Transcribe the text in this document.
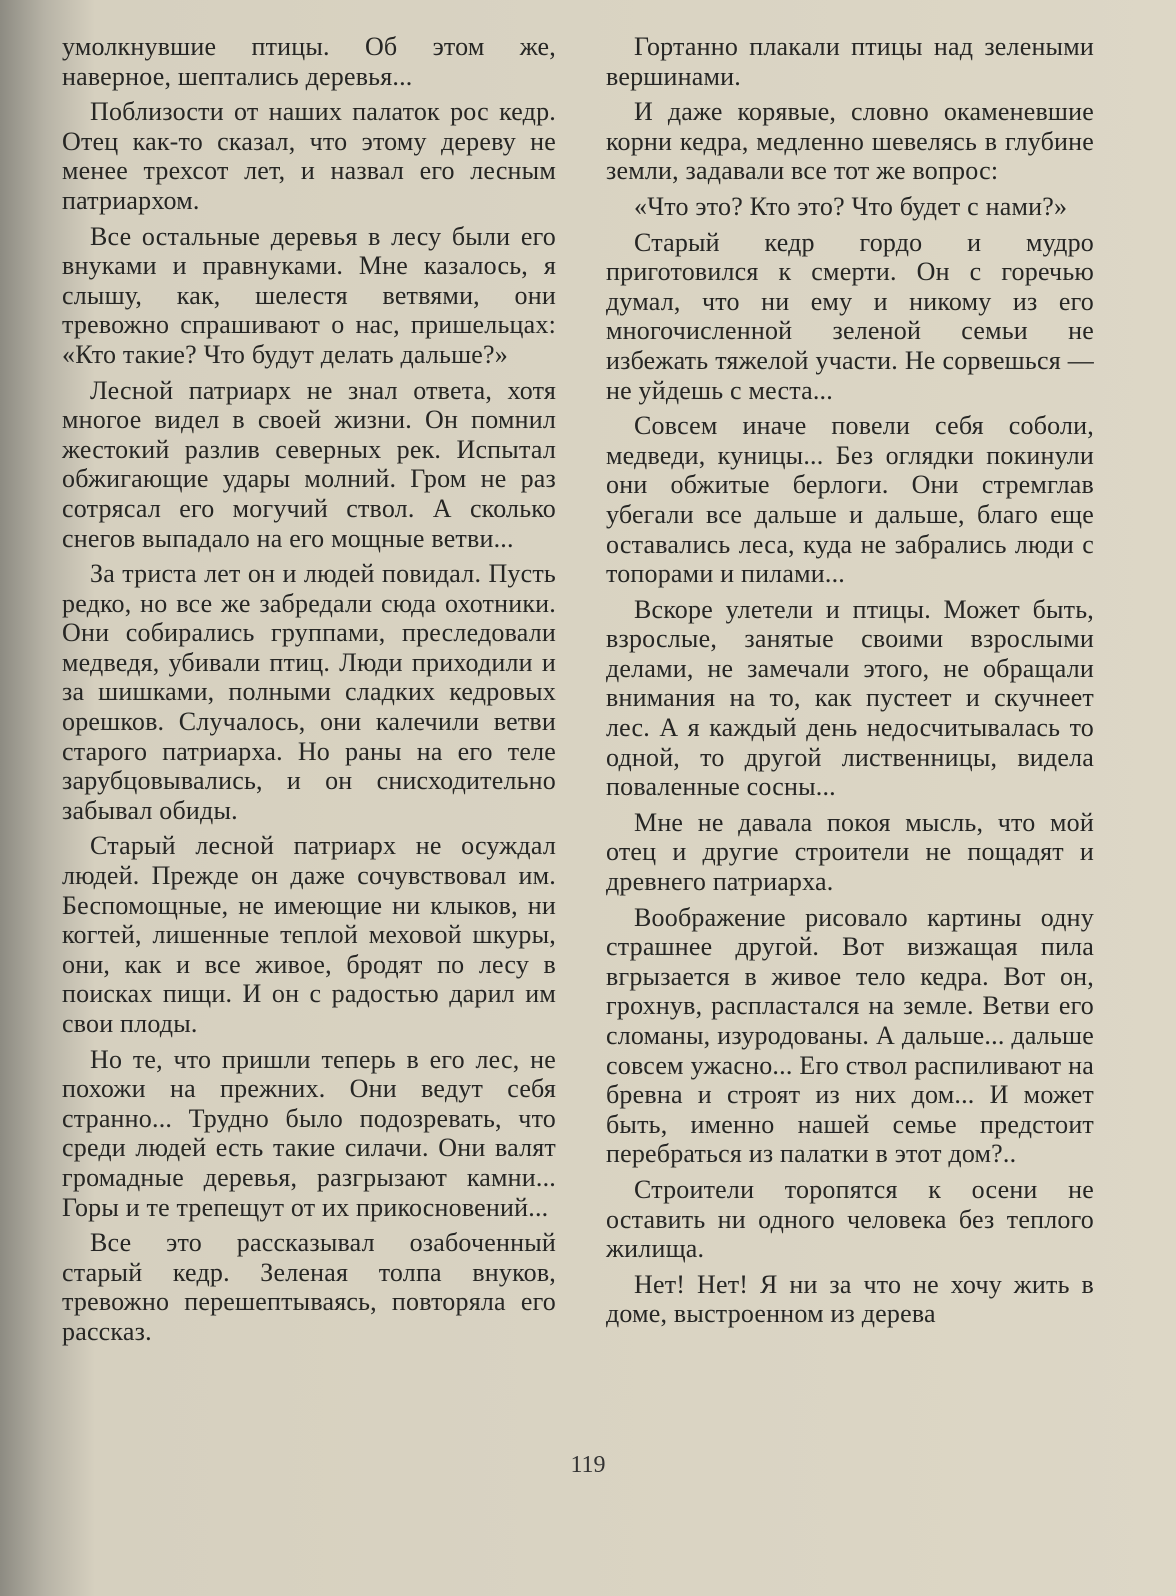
умолкнувшие птицы. Об этом же, наверное, шептались деревья...

Поблизости от наших палаток рос кедр. Отец как-то сказал, что этому дереву не менее трехсот лет, и назвал его лесным патриархом.

Все остальные деревья в лесу были его внуками и правнуками. Мне казалось, я слышу, как, шелестя ветвями, они тревожно спрашивают о нас, пришельцах: «Кто такие? Что будут делать дальше?»

Лесной патриарх не знал ответа, хотя многое видел в своей жизни. Он помнил жестокий разлив северных рек. Испытал обжигающие удары молний. Гром не раз сотрясал его могучий ствол. А сколько снегов выпадало на его мощные ветви...

За триста лет он и людей повидал. Пусть редко, но все же забредали сюда охотники. Они собирались группами, преследовали медведя, убивали птиц. Люди приходили и за шишками, полными сладких кедровых орешков. Случалось, они калечили ветви старого патриарха. Но раны на его теле зарубцовывались, и он снисходительно забывал обиды.

Старый лесной патриарх не осуждал людей. Прежде он даже сочувствовал им. Беспомощные, не имеющие ни клыков, ни когтей, лишенные теплой меховой шкуры, они, как и все живое, бродят по лесу в поисках пищи. И он с радостью дарил им свои плоды.

Но те, что пришли теперь в его лес, не похожи на прежних. Они ведут себя странно... Трудно было подозревать, что среди людей есть такие силачи. Они валят громадные деревья, разгрызают камни... Горы и те трепещут от их прикосновений...

Все это рассказывал озабоченный старый кедр. Зеленая толпа внуков, тревожно перешептываясь, повторяла его рассказ.

Гортанно плакали птицы над зелеными вершинами.

И даже корявые, словно окаменевшие корни кедра, медленно шевелясь в глубине земли, задавали все тот же вопрос:

«Что это? Кто это? Что будет с нами?»

Старый кедр гордо и мудро приготовился к смерти. Он с горечью думал, что ни ему и никому из его многочисленной зеленой семьи не избежать тяжелой участи. Не сорвешься — не уйдешь с места...

Совсем иначе повели себя соболи, медведи, куницы... Без оглядки покинули они обжитые берлоги. Они стремглав убегали все дальше и дальше, благо еще оставались леса, куда не забрались люди с топорами и пилами...

Вскоре улетели и птицы. Может быть, взрослые, занятые своими взрослыми делами, не замечали этого, не обращали внимания на то, как пустеет и скучнеет лес. А я каждый день недосчитывалась то одной, то другой лиственницы, видела поваленные сосны...

Мне не давала покоя мысль, что мой отец и другие строители не пощадят и древнего патриарха.

Воображение рисовало картины одну страшнее другой. Вот визжащая пила вгрызается в живое тело кедра. Вот он, грохнув, распластался на земле. Ветви его сломаны, изуродованы. А дальше... дальше совсем ужасно... Его ствол распиливают на бревна и строят из них дом... И может быть, именно нашей семье предстоит перебраться из палатки в этот дом?..

Строители торопятся к осени не оставить ни одного человека без теплого жилища.

Нет! Нет! Я ни за что не хочу жить в доме, выстроенном из дерева

119
